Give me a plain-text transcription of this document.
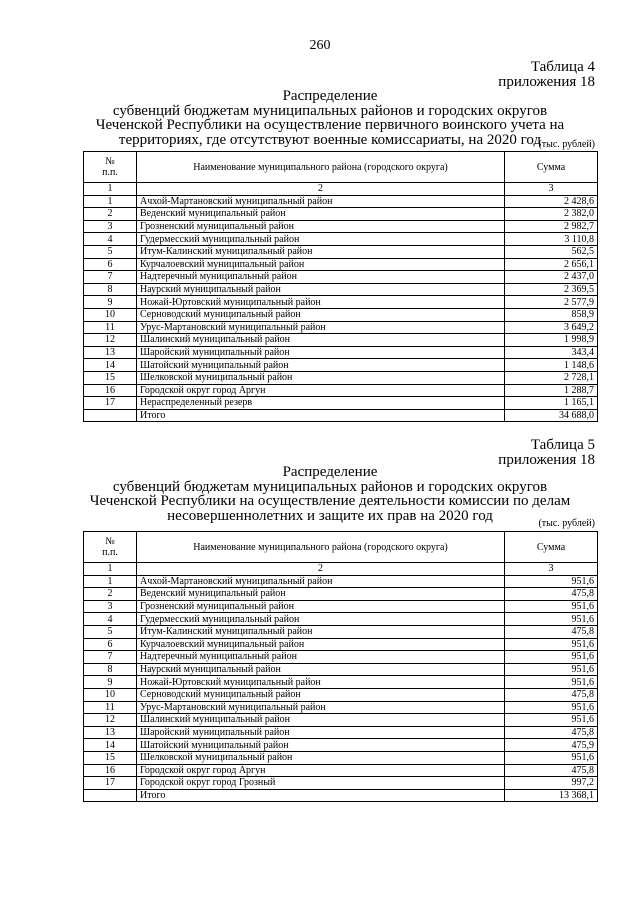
260
Таблица 4
приложения 18
Распределение
субвенций бюджетам муниципальных районов и городских округов
Чеченской Республики на осуществление первичного воинского учета на
территориях, где отсутствуют военные комиссариаты, на 2020 год
(тыс. рублей)
№
п.п.	Наименование муниципального района (городского округа)	Сумма
1	2	3
1	Ачхой-Мартановский муниципальный район	2 428,6
2	Веденский муниципальный район	2 382,0
3	Грозненский муниципальный район	2 982,7
4	Гудермесский муниципальный район	3 110,8
5	Итум-Калинский муниципальный район	562,5
6	Курчалоевский муниципальный район	2 656,1
7	Надтеречный муниципальный район	2 437,0
8	Наурский муниципальный район	2 369,5
9	Ножай-Юртовский муниципальный район	2 577,9
10	Серноводский муниципальный район	858,9
11	Урус-Мартановский муниципальный район	3 649,2
12	Шалинский муниципальный район	1 998,9
13	Шаройский муниципальный район	343,4
14	Шатойский муниципальный район	1 148,6
15	Шелковской муниципальный район	2 728,1
16	Городской округ город Аргун	1 288,7
17	Нераспределенный резерв	1 165,1
	Итого	34 688,0
Таблица 5
приложения 18
Распределение
субвенций бюджетам муниципальных районов и городских округов
Чеченской Республики на осуществление деятельности комиссии по делам
несовершеннолетних и защите их прав на 2020 год	(тыс. рублей)
№
п.п.	Наименование муниципального района (городского округа)	Сумма
1	2	3
1	Ачхой-Мартановский муниципальный район	951,6
2	Веденский муниципальный район	475,8
3	Грозненский муниципальный район	951,6
4	Гудермесский муниципальный район	951,6
5	Итум-Калинский муниципальный район	475,8
6	Курчалоевский муниципальный район	951,6
7	Надтеречный муниципальный район	951,6
8	Наурский муниципальный район	951,6
9	Ножай-Юртовский муниципальный район	951,6
10	Серноводский муниципальный район	475,8
11	Урус-Мартановский муниципальный район	951,6
12	Шалинский муниципальный район	951,6
13	Шаройский муниципальный район	475,8
14	Шатойский муниципальный район	475,9
15	Шелковской муниципальный район	951,6
16	Городской округ город Аргун	475,8
17	Городской округ город Грозный	997,2
	Итого	13 368,1
